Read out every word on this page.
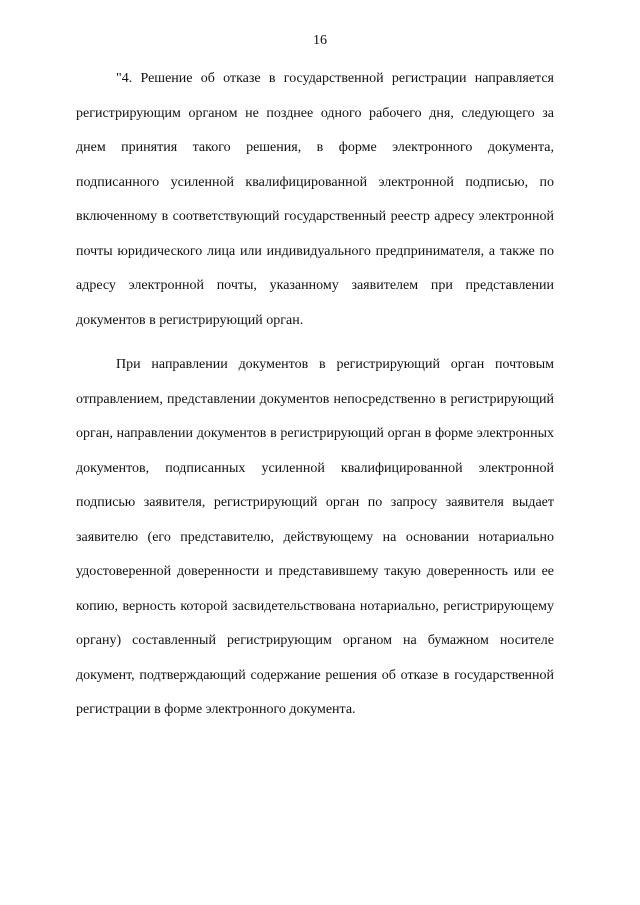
16

"4. Решение об отказе в государственной регистрации направляется регистрирующим органом не позднее одного рабочего дня, следующего за днем принятия такого решения, в форме электронного документа, подписанного усиленной квалифицированной электронной подписью, по включенному в соответствующий государственный реестр адресу электронной почты юридического лица или индивидуального предпринимателя, а также по адресу электронной почты, указанному заявителем при представлении документов в регистрирующий орган.

При направлении документов в регистрирующий орган почтовым отправлением, представлении документов непосредственно в регистрирующий орган, направлении документов в регистрирующий орган в форме электронных документов, подписанных усиленной квалифицированной электронной подписью заявителя, регистрирующий орган по запросу заявителя выдает заявителю (его представителю, действующему на основании нотариально удостоверенной доверенности и представившему такую доверенность или ее копию, верность которой засвидетельствована нотариально, регистрирующему органу) составленный регистрирующим органом на бумажном носителе документ, подтверждающий содержание решения об отказе в государственной регистрации в форме электронного документа.
